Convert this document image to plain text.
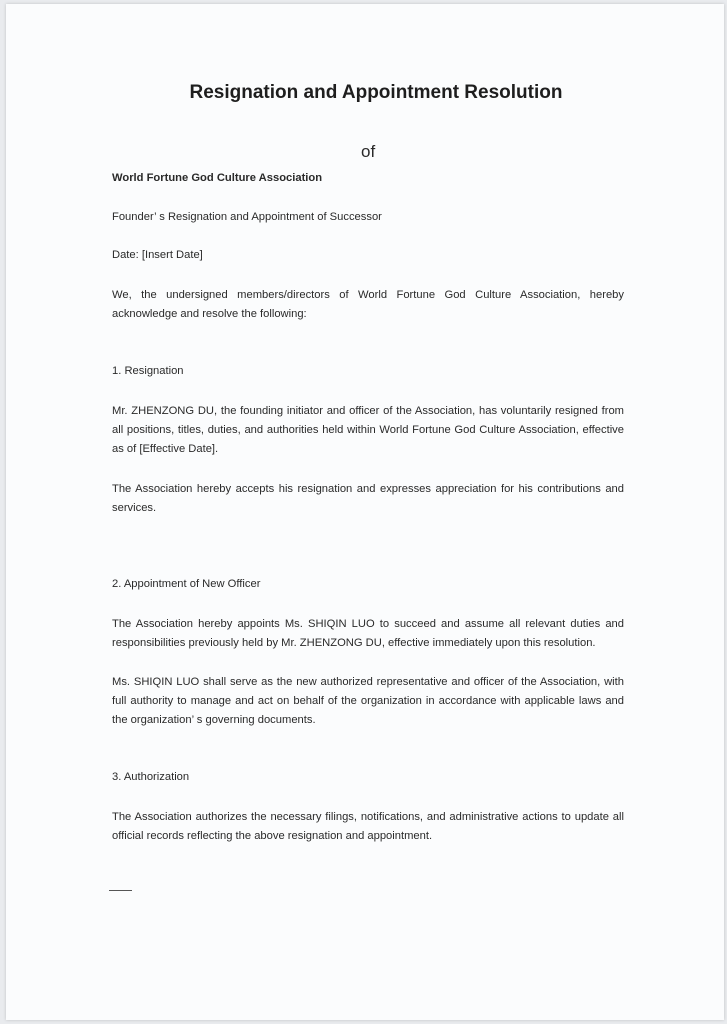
Resignation and Appointment Resolution
of

World Fortune God Culture Association

Founder’ s Resignation and Appointment of Successor

Date: [Insert Date]

We, the undersigned members/directors of World Fortune God Culture Association, hereby acknowledge and resolve the following:

1. Resignation

Mr. ZHENZONG DU, the founding initiator and officer of the Association, has voluntarily resigned from all positions, titles, duties, and authorities held within World Fortune God Culture Association, effective as of [Effective Date].

The Association hereby accepts his resignation and expresses appreciation for his contributions and services.

2. Appointment of New Officer

The Association hereby appoints Ms. SHIQIN LUO to succeed and assume all relevant duties and responsibilities previously held by Mr. ZHENZONG DU, effective immediately upon this resolution.

Ms. SHIQIN LUO shall serve as the new authorized representative and officer of the Association, with full authority to manage and act on behalf of the organization in accordance with applicable laws and the organization’ s governing documents.

3. Authorization

The Association authorizes the necessary filings, notifications, and administrative actions to update all official records reflecting the above resignation and appointment.
